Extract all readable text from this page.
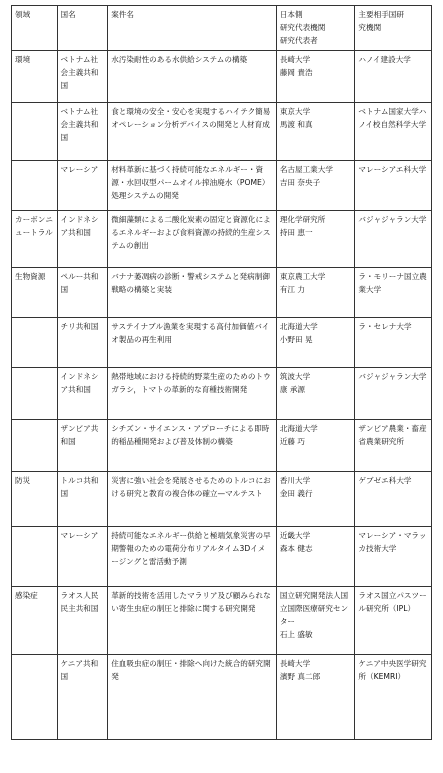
領域	国名	案件名	日本側
研究代表機関
研究代表者	主要相手国研
究機関

環境	ベトナム社会主義共和国	水汚染耐性のある水供給システムの構築	長崎大学
藤岡 貴浩	ハノイ建設大学

	ベトナム社会主義共和国	食と環境の安全・安心を実現するハイテク簡易オペレーション分析デバイスの開発と人材育成	東京大学
馬渡 和真	ベトナム国家大学ハノイ校自然科学大学

	マレーシア	材料革新に基づく持続可能なエネルギー・資源・水回収型パームオイル搾油廃水（POME）処理システムの開発	名古屋工業大学
吉田 奈央子	マレーシアエ科大学

カーボンニュートラル	インドネシア共和国	微細藻類による二酸化炭素の固定と資源化によるエネルギーおよび食料資源の持続的生産システムの創出	理化学研究所
持田 恵一	バジャジャラン大学

生物資源	ペルー共和国	バナナ萎凋病の診断・警戒システムと発病制御戦略の構築と実装	東京農工大学
有江 力	ラ・モリーナ国立農業大学

	チリ共和国	サステイナブル漁業を実現する高付加価値バイオ製品の再生利用	北海道大学
小野田 晃	ラ・セレナ大学

	インドネシア共和国	熱帯地域における持続的野菜生産のためのトウガラシ，トマトの革新的な育種技術開発	筑波大学
康 承源	バジャジャラン大学

	ザンビア共和国	シチズン・サイエンス・アプローチによる即時的稲品種開発および普及体制の構築	北海道大学
近藤 巧	ザンビア農業・畜産省農業研究所

防災	トルコ共和国	災害に強い社会を発展させるためのトルコにおける研究と教育の複合体の確立—マルテスト	香川大学
金田 義行	ゲブゼエ科大学

	マレーシア	持続可能なエネルギー供給と極端気象災害の早期警報のための電荷分布リアルタイム3Dイメージングと雷活動予測	近畿大学
森本 健志	マレーシア・マラッカ技術大学

感染症	ラオス人民民主共和国	革新的技術を活用したマラリア及び顧みられない寄生虫症の制圧と排除に関する研究開発	国立研究開発法人国立国際医療研究センター
石上 盛敏	ラオス国立パスツール研究所（IPL）

	ケニア共和国	住血吸虫症の制圧・排除へ向けた統合的研究開発	長崎大学
濱野 真二郎	ケニア中央医学研究所（KEMRI）
